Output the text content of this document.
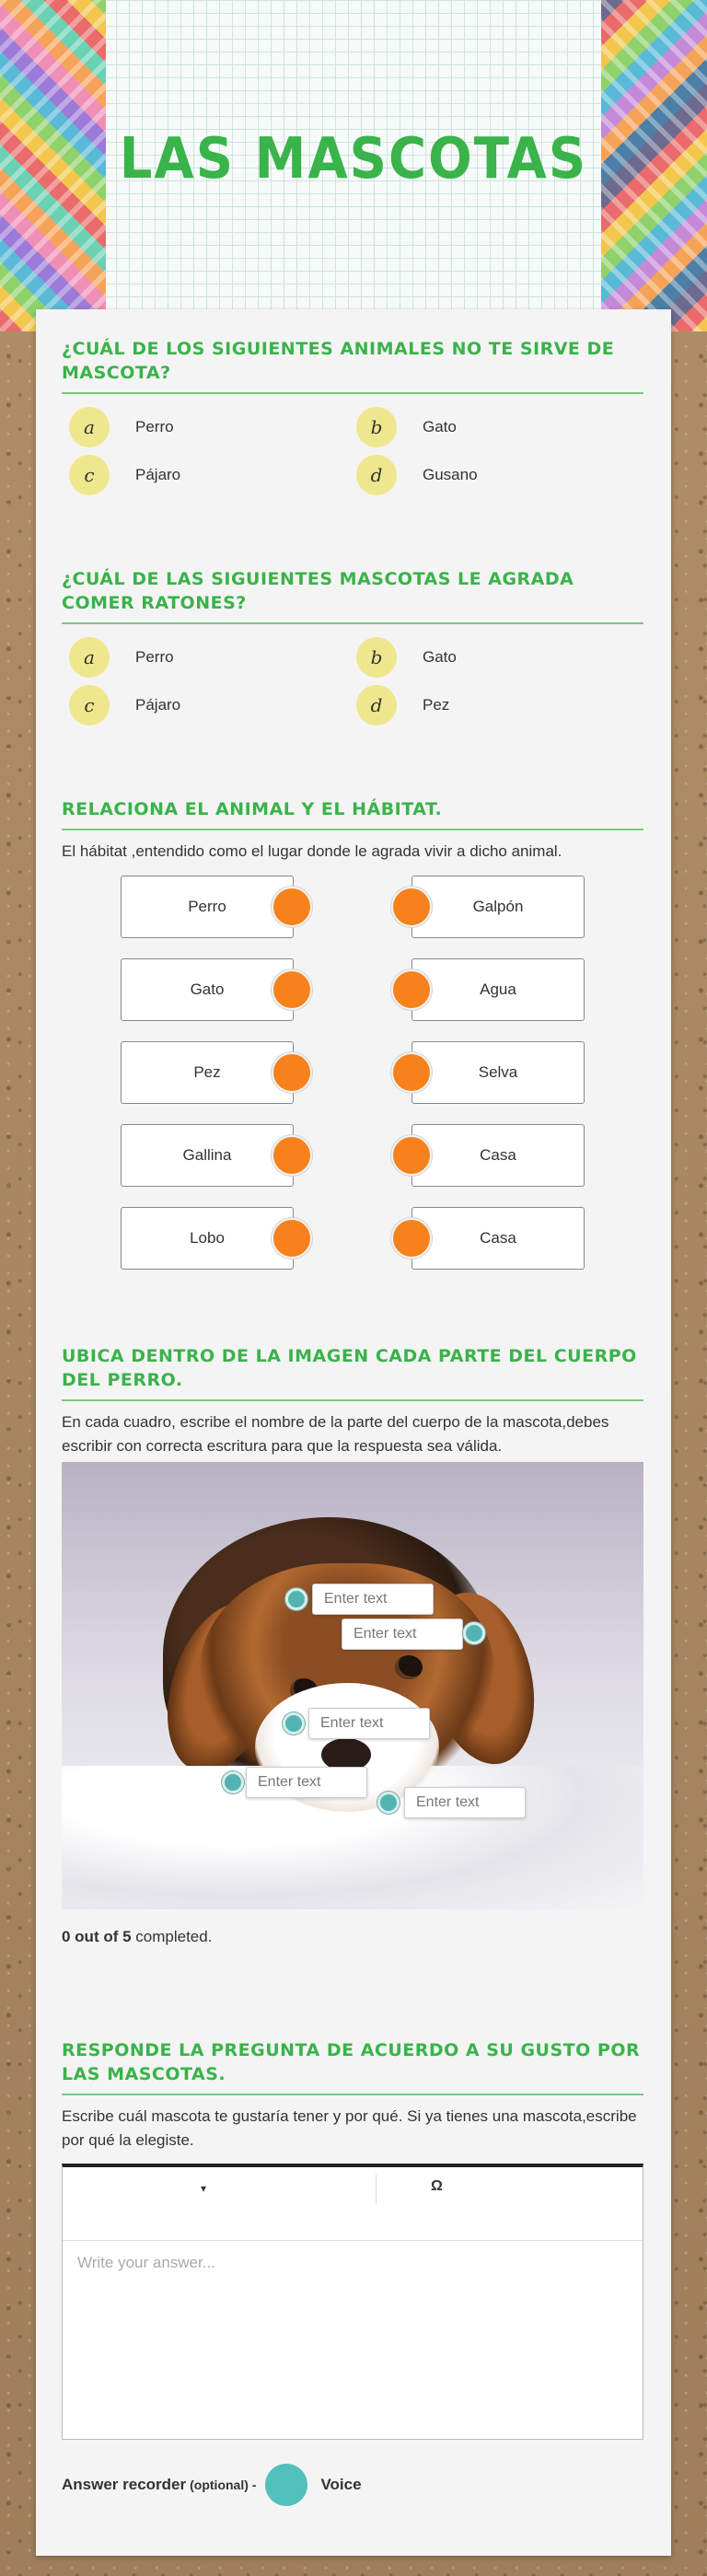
LAS MASCOTAS
¿CUÁL DE LOS SIGUIENTES ANIMALES NO TE SIRVE DE MASCOTA?
a	Perro	b	Gato
c	Pájaro	d	Gusano
¿CUÁL DE LAS SIGUIENTES MASCOTAS LE AGRADA COMER RATONES?
a	Perro	b	Gato
c	Pájaro	d	Pez
RELACIONA EL ANIMAL Y EL HÁBITAT.
El hábitat ,entendido como el lugar donde le agrada vivir a dicho animal.
Perro
Gato
Pez
Gallina
Lobo
Galpón
Agua
Selva
Casa
Casa
UBICA DENTRO DE LA IMAGEN CADA PARTE DEL CUERPO DEL PERRO.
En cada cuadro, escribe el nombre de la parte del cuerpo de la mascota,debes escribir con correcta escritura para que la respuesta sea válida.
Enter text
Enter text
Enter text
Enter text
Enter text
0 out of 5 completed.
RESPONDE LA PREGUNTA DE ACUERDO A SU GUSTO POR LAS MASCOTAS.
Escribe cuál mascota te gustaría tener y por qué. Si ya tienes una mascota,escribe por qué la elegiste.
▾	Ω
Write your answer...
Answer recorder (optional) -	Voice
